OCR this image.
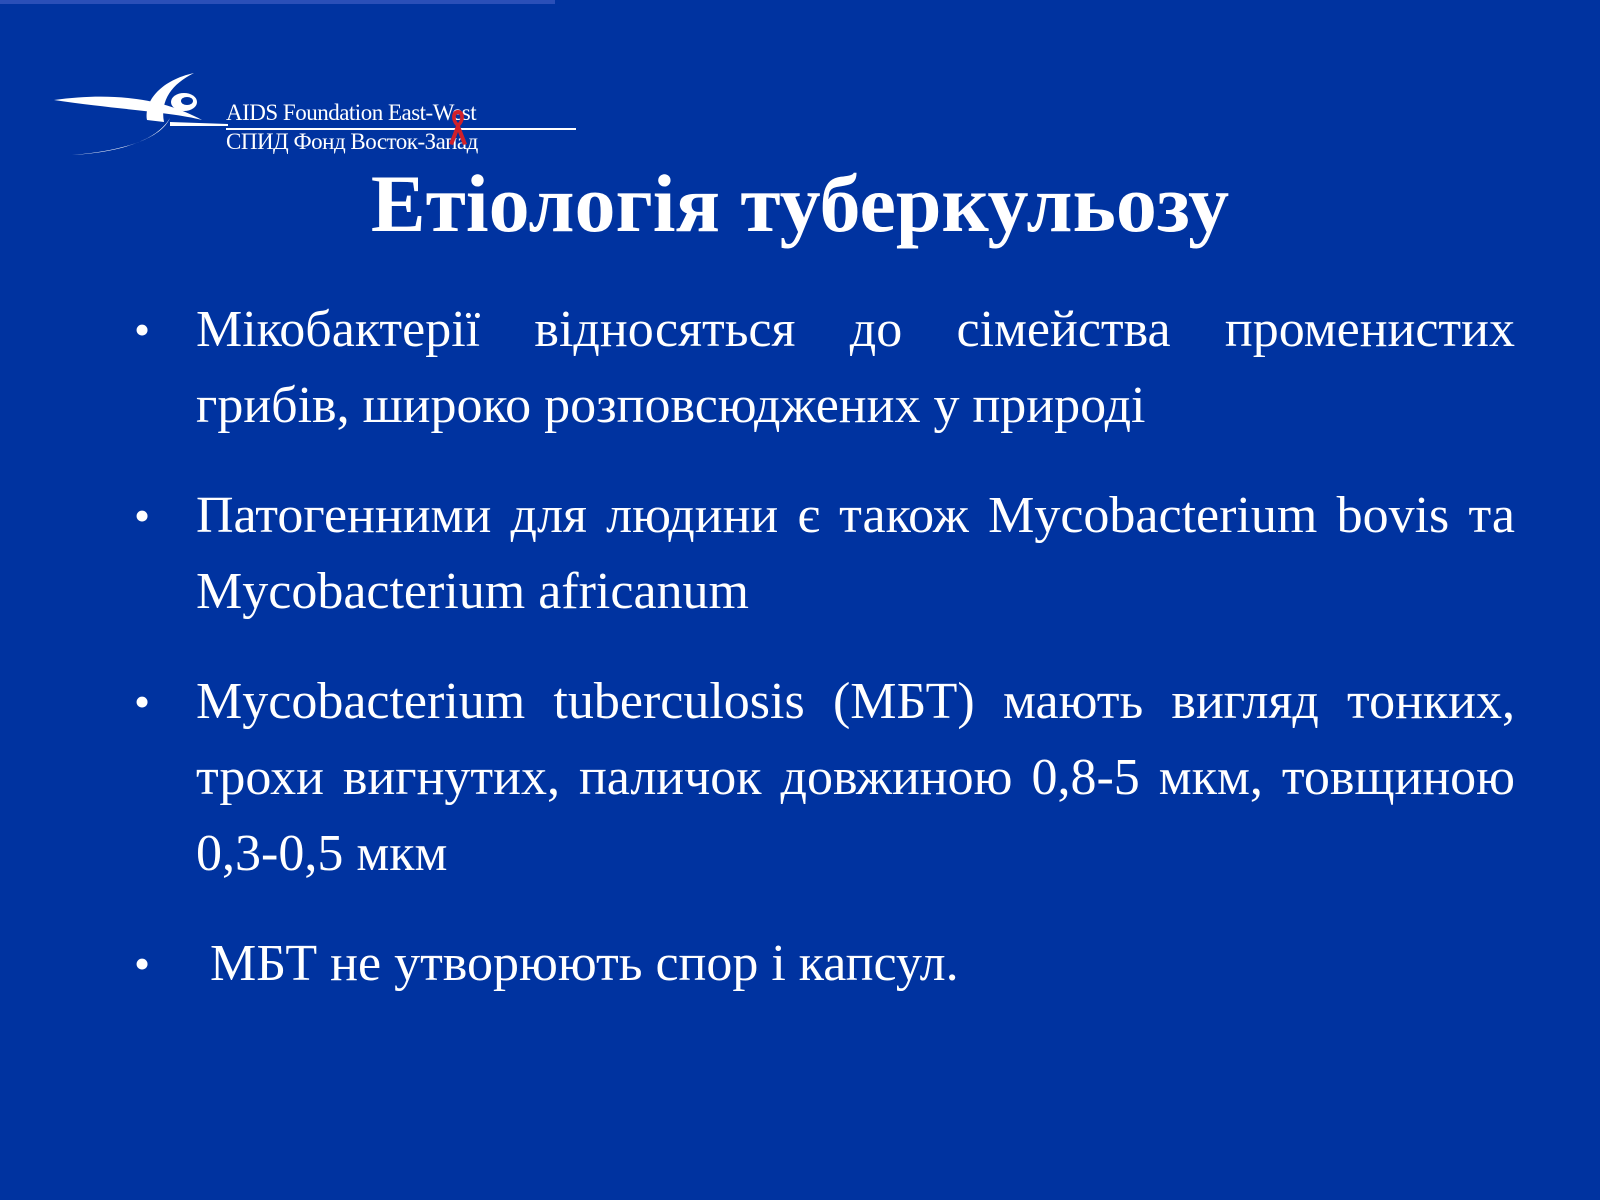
AIDS Foundation East-West
СПИД Фонд Восток-Запад
Етіологія туберкульозу
• Мікобактерії відносяться до сімейства променистих грибів, широко розповсюджених у природі
• Патогенними для людини є також Mycobacterium bovis та Mycobacterium africanum
• Mycobacterium tuberculosis (МБТ) мають вигляд тонких, трохи вигнутих, паличок довжиною 0,8-5 мкм, товщиною 0,3-0,5 мкм
• МБТ не утворюють спор і капсул.
